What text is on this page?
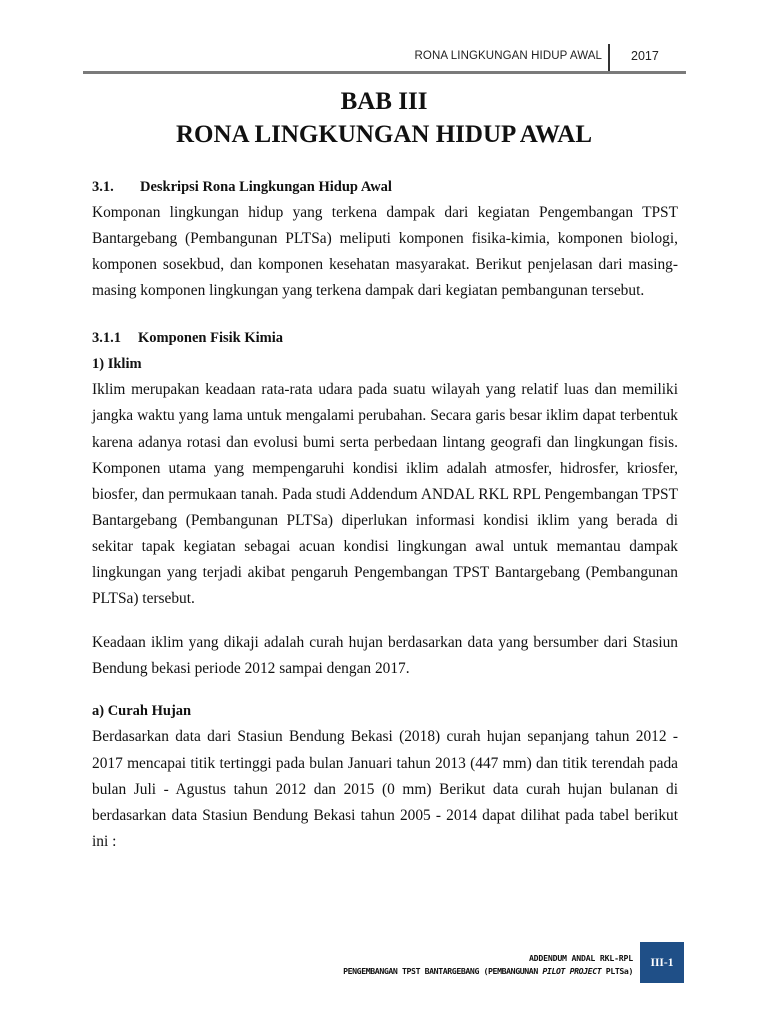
RONA LINGKUNGAN HIDUP AWAL 2017
BAB III
RONA LINGKUNGAN HIDUP AWAL
3.1. Deskripsi Rona Lingkungan Hidup Awal

Komponan lingkungan hidup yang terkena dampak dari kegiatan Pengembangan TPST Bantargebang (Pembangunan PLTSa) meliputi komponen fisika-kimia, komponen biologi, komponen sosekbud, dan komponen kesehatan masyarakat. Berikut penjelasan dari masing-masing komponen lingkungan yang terkena dampak dari kegiatan pembangunan tersebut.

3.1.1 Komponen Fisik Kimia
1) Iklim

Iklim merupakan keadaan rata-rata udara pada suatu wilayah yang relatif luas dan memiliki jangka waktu yang lama untuk mengalami perubahan. Secara garis besar iklim dapat terbentuk karena adanya rotasi dan evolusi bumi serta perbedaan lintang geografi dan lingkungan fisis. Komponen utama yang mempengaruhi kondisi iklim adalah atmosfer, hidrosfer, kriosfer, biosfer, dan permukaan tanah. Pada studi Addendum ANDAL RKL RPL Pengembangan TPST Bantargebang (Pembangunan PLTSa) diperlukan informasi kondisi iklim yang berada di sekitar tapak kegiatan sebagai acuan kondisi lingkungan awal untuk memantau dampak lingkungan yang terjadi akibat pengaruh Pengembangan TPST Bantargebang (Pembangunan PLTSa) tersebut.

Keadaan iklim yang dikaji adalah curah hujan berdasarkan data yang bersumber dari Stasiun Bendung bekasi periode 2012 sampai dengan 2017.

a) Curah Hujan

Berdasarkan data dari Stasiun Bendung Bekasi (2018) curah hujan sepanjang tahun 2012 - 2017 mencapai titik tertinggi pada bulan Januari tahun 2013 (447 mm) dan titik terendah pada bulan Juli - Agustus tahun 2012 dan 2015 (0 mm) Berikut data curah hujan bulanan di berdasarkan data Stasiun Bendung Bekasi tahun 2005 - 2014 dapat dilihat pada tabel berikut ini :

ADDENDUM ANDAL RKL-RPL
PENGEMBANGAN TPST BANTARGEBANG (PEMBANGUNAN PILOT PROJECT PLTSa)
III-1
